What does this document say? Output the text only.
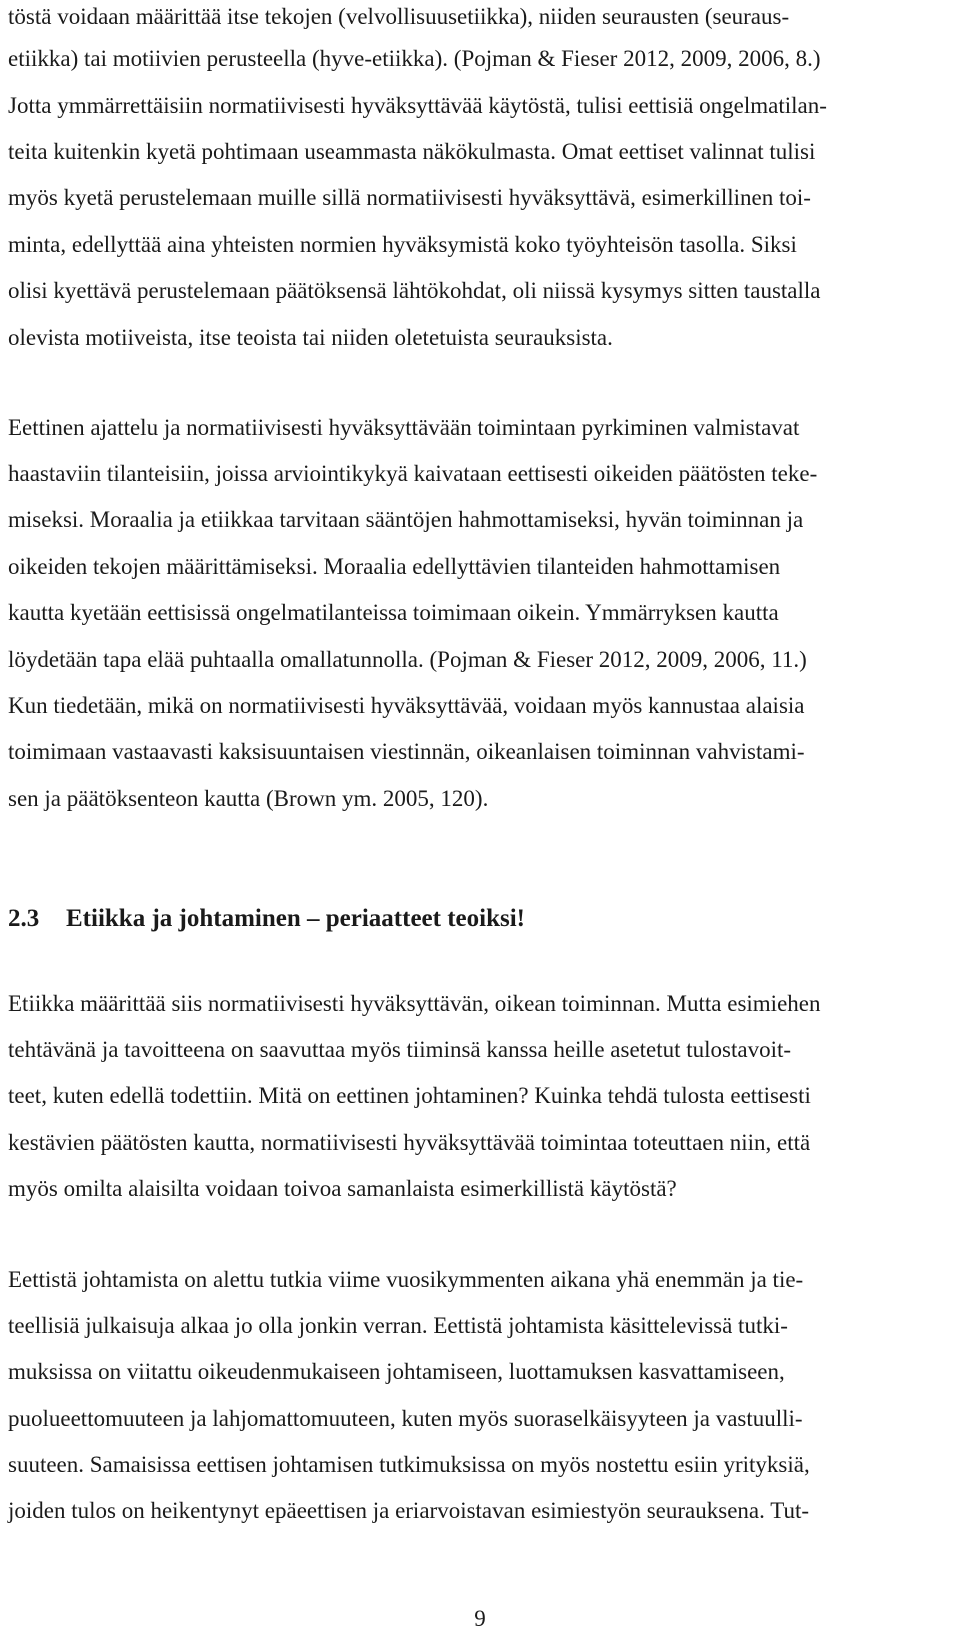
töstä voidaan määrittää itse tekojen (velvollisuusetiikka), niiden seurausten (seuraus-
etiikka) tai motiivien perusteella (hyve-etiikka). (Pojman & Fieser 2012, 2009, 2006, 8.)
Jotta ymmärrettäisiin normatiivisesti hyväksyttävää käytöstä, tulisi eettisiä ongelmatilan-
teita kuitenkin kyetä pohtimaan useammasta näkökulmasta. Omat eettiset valinnat tulisi
myös kyetä perustelemaan muille sillä normatiivisesti hyväksyttävä, esimerkillinen toi-
minta, edellyttää aina yhteisten normien hyväksymistä koko työyhteisön tasolla. Siksi
olisi kyettävä perustelemaan päätöksensä lähtökohdat, oli niissä kysymys sitten taustalla
olevista motiiveista, itse teoista tai niiden oletetuista seurauksista.
Eettinen ajattelu ja normatiivisesti hyväksyttävään toimintaan pyrkiminen valmistavat
haastaviin tilanteisiin, joissa arviointikykyä kaivataan eettisesti oikeiden päätösten teke-
miseksi. Moraalia ja etiikkaa tarvitaan sääntöjen hahmottamiseksi, hyvän toiminnan ja
oikeiden tekojen määrittämiseksi. Moraalia edellyttävien tilanteiden hahmottamisen
kautta kyetään eettisissä ongelmatilanteissa toimimaan oikein. Ymmärryksen kautta
löydetään tapa elää puhtaalla omallatunnolla. (Pojman & Fieser 2012, 2009, 2006, 11.)
Kun tiedetään, mikä on normatiivisesti hyväksyttävää, voidaan myös kannustaa alaisia
toimimaan vastaavasti kaksisuuntaisen viestinnän, oikeanlaisen toiminnan vahvistami-
sen ja päätöksenteon kautta (Brown ym. 2005, 120).
2.3 Etiikka ja johtaminen – periaatteet teoiksi!
Etiikka määrittää siis normatiivisesti hyväksyttävän, oikean toiminnan. Mutta esimiehen
tehtävänä ja tavoitteena on saavuttaa myös tiiminsä kanssa heille asetetut tulostavoit-
teet, kuten edellä todettiin. Mitä on eettinen johtaminen? Kuinka tehdä tulosta eettisesti
kestävien päätösten kautta, normatiivisesti hyväksyttävää toimintaa toteuttaen niin, että
myös omilta alaisilta voidaan toivoa samanlaista esimerkillistä käytöstä?
Eettistä johtamista on alettu tutkia viime vuosikymmenten aikana yhä enemmän ja tie-
teellisiä julkaisuja alkaa jo olla jonkin verran. Eettistä johtamista käsittelevissä tutki-
muksissa on viitattu oikeudenmukaiseen johtamiseen, luottamuksen kasvattamiseen,
puolueettomuuteen ja lahjomattomuuteen, kuten myös suoraselkäisyyteen ja vastuulli-
suuteen. Samaisissa eettisen johtamisen tutkimuksissa on myös nostettu esiin yrityksiä,
joiden tulos on heikentynyt epäeettisen ja eriarvoistavan esimiestyön seurauksena. Tut-
9
